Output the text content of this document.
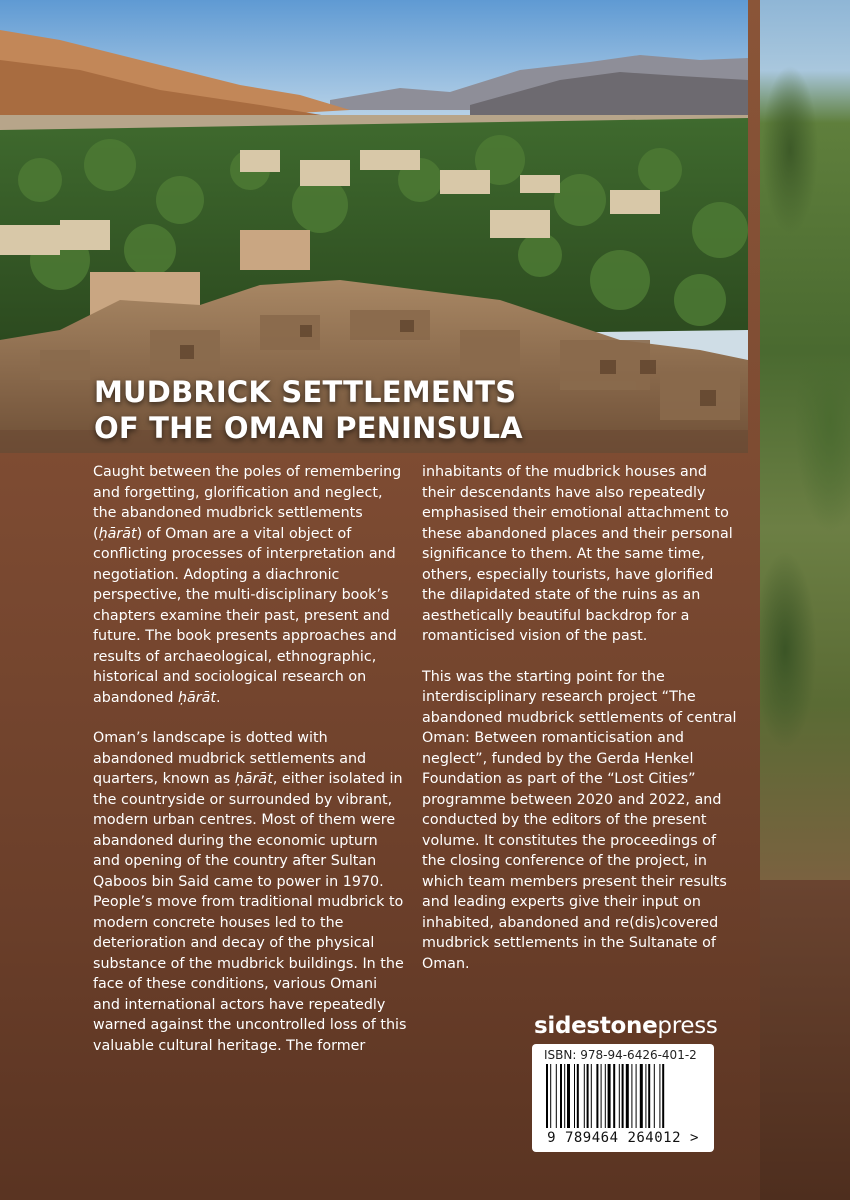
MUDBRICK SETTLEMENTS
OF THE OMAN PENINSULA

Caught between the poles of remembering and forgetting, glorification and neglect, the abandoned mudbrick settlements (ḥārāt) of Oman are a vital object of conflicting processes of interpretation and negotiation. Adopting a diachronic perspective, the multi-disciplinary book’s chapters examine their past, present and future. The book presents approaches and results of archaeological, ethnographic, historical and sociological research on abandoned ḥārāt.

Oman’s landscape is dotted with abandoned mudbrick settlements and quarters, known as ḥārāt, either isolated in the countryside or surrounded by vibrant, modern urban centres. Most of them were abandoned during the economic upturn and opening of the country after Sultan Qaboos bin Said came to power in 1970. People’s move from traditional mudbrick to modern concrete houses led to the deterioration and decay of the physical substance of the mudbrick buildings. In the face of these conditions, various Omani and international actors have repeatedly warned against the uncontrolled loss of this valuable cultural heritage. The former

inhabitants of the mudbrick houses and their descendants have also repeatedly emphasised their emotional attachment to these abandoned places and their personal significance to them. At the same time, others, especially tourists, have glorified the dilapidated state of the ruins as an aesthetically beautiful backdrop for a romanticised vision of the past.

This was the starting point for the interdisciplinary research project “The abandoned mudbrick settlements of central Oman: Between romanticisation and neglect”, funded by the Gerda Henkel Foundation as part of the “Lost Cities” programme between 2020 and 2022, and conducted by the editors of the present volume. It constitutes the proceedings of the closing conference of the project, in which team members present their results and leading experts give their input on inhabited, abandoned and re(dis)covered mudbrick settlements in the Sultanate of Oman.

sidestonepress
ISBN: 978-94-6426-401-2
9 789464 264012 >
